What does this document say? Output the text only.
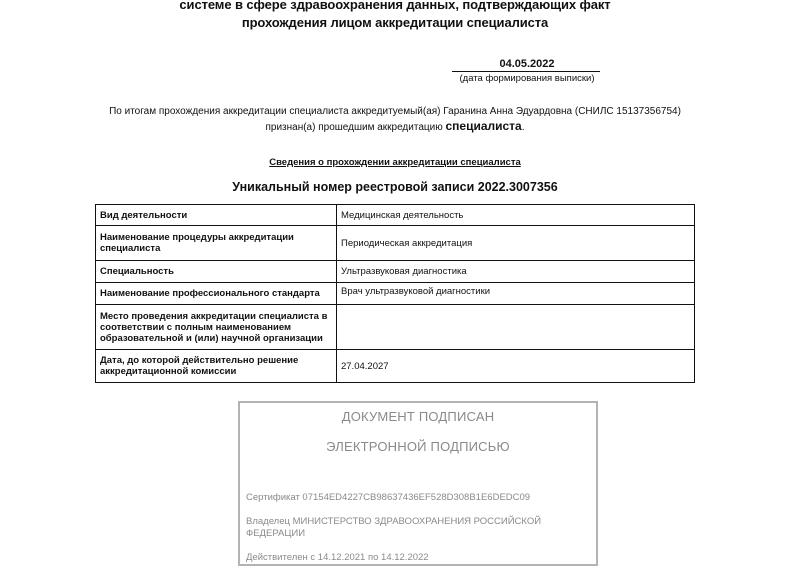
системе в сфере здравоохранения данных, подтверждающих факт
прохождения лицом аккредитации специалиста
04.05.2022
(дата формирования выписки)
По итогам прохождения аккредитации специалиста аккредитуемый(ая) Гаранина Анна Эдуардовна (СНИЛС 15137356754)
признан(а) прошедшим аккредитацию специалиста.
Сведения о прохождении аккредитации специалиста
Уникальный номер реестровой записи 2022.3007356
Вид деятельности	Медицинская деятельность
Наименование процедуры аккредитации специалиста	Периодическая аккредитация
Специальность	Ультразвуковая диагностика
Наименование профессионального стандарта	Врач ультразвуковой диагностики
Место проведения аккредитации специалиста в соответствии с полным наименованием образовательной и (или) научной организации	
Дата, до которой действительно решение аккредитационной комиссии	27.04.2027
ДОКУМЕНТ ПОДПИСАН
ЭЛЕКТРОННОЙ ПОДПИСЬЮ
Сертификат 07154ED4227CB98637436EF528D308B1E6DEDC09
Владелец МИНИСТЕРСТВО ЗДРАВООХРАНЕНИЯ РОССИЙСКОЙ ФЕДЕРАЦИИ
Действителен с 14.12.2021 по 14.12.2022
